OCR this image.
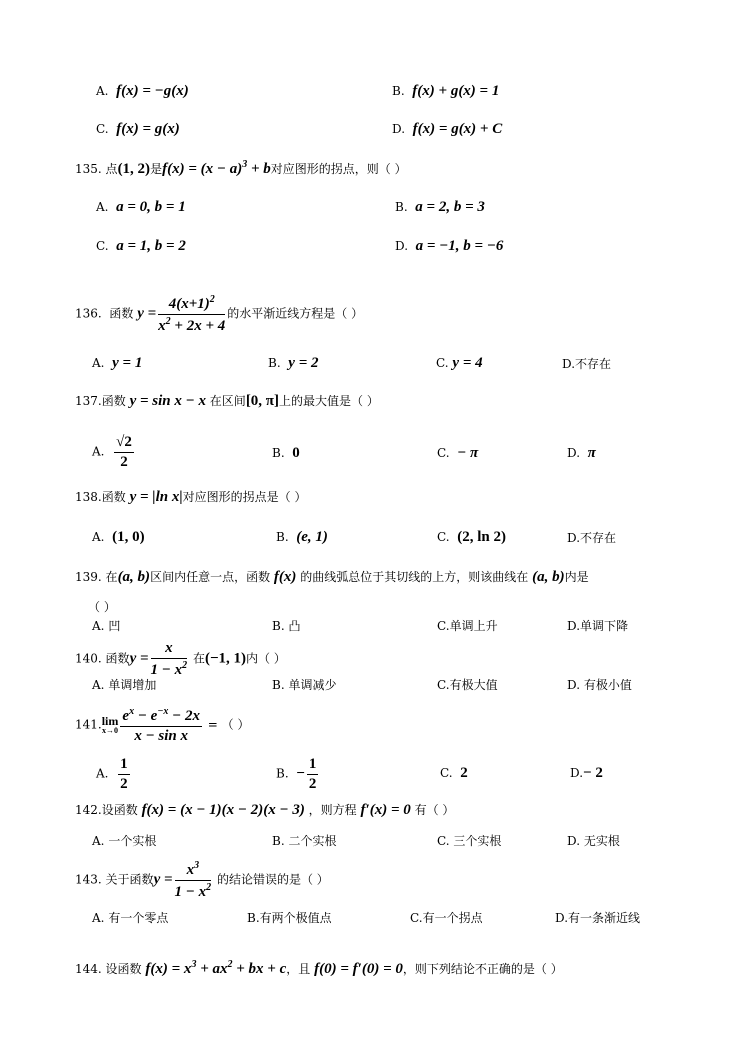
A. f(x) = −g(x)	B. f(x) + g(x) = 1
C. f(x) = g(x)	D. f(x) = g(x) + C
135. 点(1, 2)是$f(x) = (x - a)^3 + b$对应图形的拐点，则（ ）
A. a = 0, b = 1	B. a = 2, b = 3
C. a = 1, b = 2	D. a = −1, b = −6
136. 函数 $y = \frac{4(x+1)^2}{x^2 + 2x + 4}$ 的水平渐近线方程是（ ）
A. y = 1	B. y = 2	C. y = 4	D.不存在
137.函数 y = sin x − x 在区间[0, π]上的最大值是（ ）
A. $\frac{√2}{2}$	B. 0	C. − π	D. π
138.函数 y = |ln x|对应图形的拐点是（ ）
A. (1, 0)	B. (e, 1)	C. (2, ln 2)	D.不存在
139. 在(a, b)区间内任意一点，函数 f(x) 的曲线弧总位于其切线的上方，则该曲线在 (a, b)内是
（ ）
A. 凹	B. 凸	C.单调上升	D.单调下降
140. 函数$y = \frac{x}{1 - x^2}$ 在(−1, 1)内（ ）
A. 单调增加	B. 单调减少	C.有极大值	D. 有极小值
141. lim
$x\to 0 \frac{e^x - e^{-x} - 2x}{\text{x − sin x}}$ = （ ）
A. $\frac{1}{2}$	B. − $\frac{1}{2}$	C. 2	D.− 2
142.设函数 f(x) = (x − 1)(x − 2)(x − 3) ，则方程 f′(x) = 0 有（ ）
A. 一个实根	B. 二个实根	C. 三个实根	D. 无实根
143. 关于函数$y = \frac{x^3}{1 - x^2}$ 的结论错误的是（ ）
A. 有一个零点	B.有两个极值点	C.有一个拐点	D.有一条渐近线
144. 设函数 $f(x) = x^3 + ax^2$ + bx + c，且 f(0) = f′(0) = 0，则下列结论不正确的是（ ）
